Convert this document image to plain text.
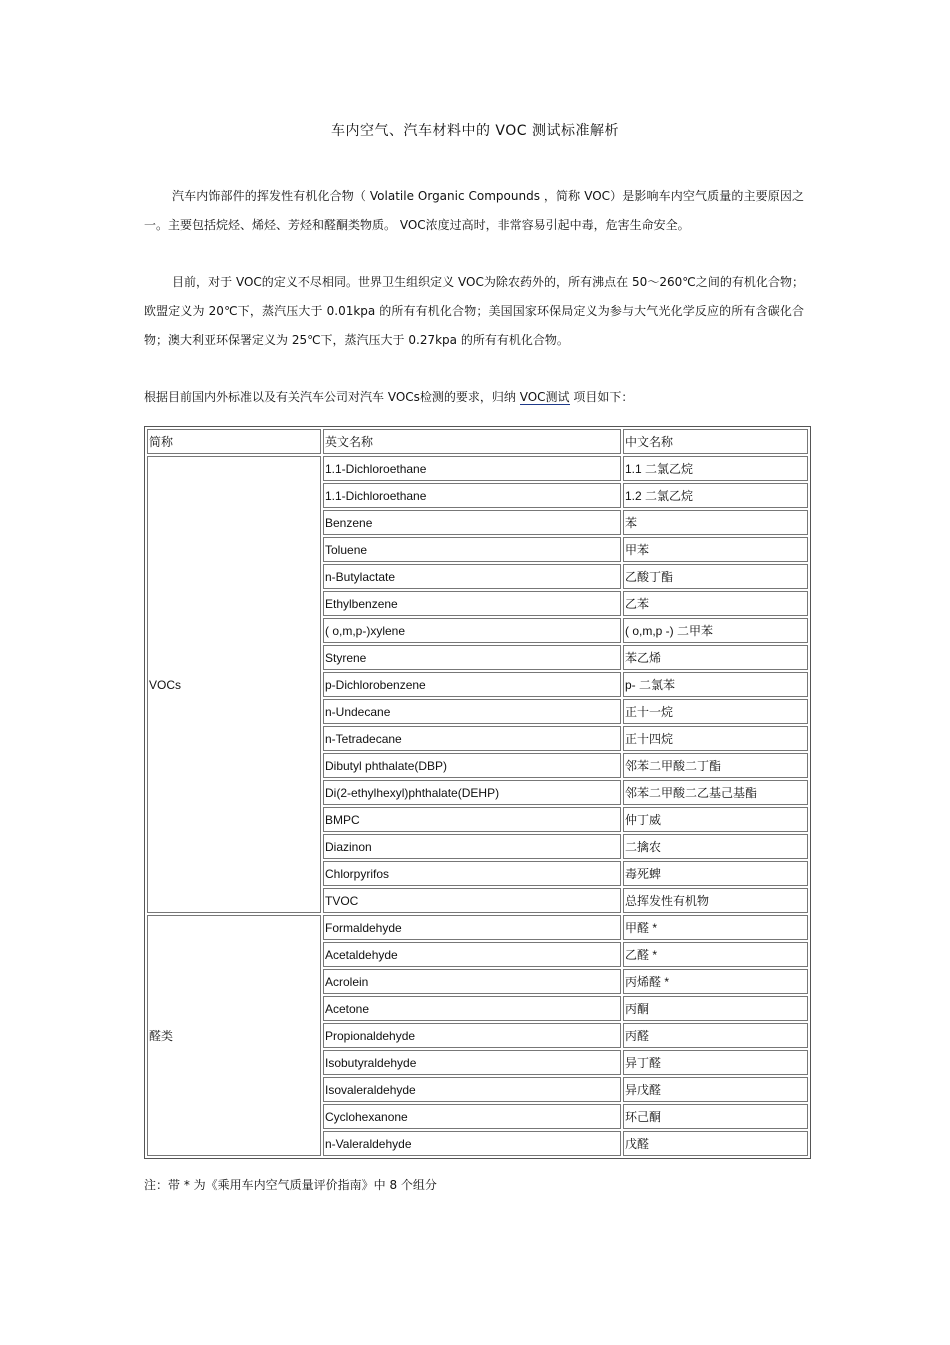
车内空气、汽车材料中的 VOC 测试标准解析

汽车内饰部件的挥发性有机化合物（ Volatile Organic Compounds ，简称 VOC）是影响车内空气质量的主要原因之一。主要包括烷烃、烯烃、芳烃和醛酮类物质。 VOC浓度过高时，非常容易引起中毒，危害生命安全。

目前，对于 VOC的定义不尽相同。世界卫生组织定义 VOC为除农药外的，所有沸点在 50～260℃之间的有机化合物；欧盟定义为 20℃下，蒸汽压大于 0.01kpa 的所有有机化合物；美国国家环保局定义为参与大气光化学反应的所有含碳化合物；澳大利亚环保署定义为 25℃下，蒸汽压大于 0.27kpa 的所有有机化合物。

根据目前国内外标准以及有关汽车公司对汽车 VOCs检测的要求，归纳 VOC测试 项目如下：

简称	英文名称	中文名称
VOCs	1.1-Dichloroethane	1.1 二氯乙烷
	1.1-Dichloroethane	1.2 二氯乙烷
	Benzene	苯
	Toluene	甲苯
	n-Butylactate	乙酸丁酯
	Ethylbenzene	乙苯
	( o,m,p-)xylene	( o,m,p -) 二甲苯
	Styrene	苯乙烯
	p-Dichlorobenzene	p- 二氯苯
	n-Undecane	正十一烷
	n-Tetradecane	正十四烷
	Dibutyl phthalate(DBP)	邻苯二甲酸二丁酯
	Di(2-ethylhexyl)phthalate(DEHP)	邻苯二甲酸二乙基己基酯
	BMPC	仲丁威
	Diazinon	二擒农
	Chlorpyrifos	毒死蜱
	TVOC	总挥发性有机物
醛类	Formaldehyde	甲醛 *
	Acetaldehyde	乙醛 *
	Acrolein	丙烯醛 *
	Acetone	丙酮
	Propionaldehyde	丙醛
	Isobutyraldehyde	异丁醛
	Isovaleraldehyde	异戊醛
	Cyclohexanone	环己酮
	n-Valeraldehyde	戊醛
注：带 * 为《乘用车内空气质量评价指南》中 8 个组分
